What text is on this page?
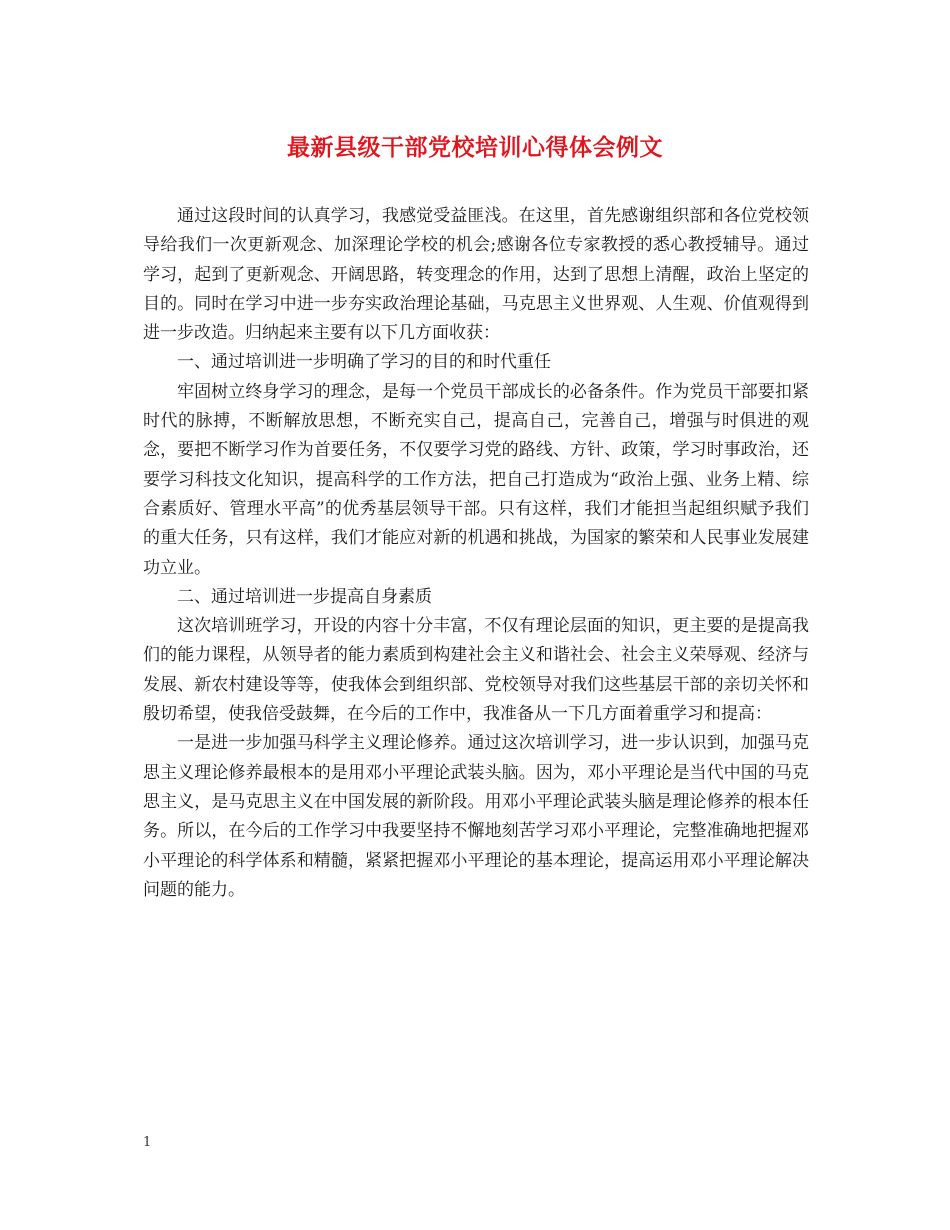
最新县级干部党校培训心得体会例文

通过这段时间的认真学习，我感觉受益匪浅。在这里，首先感谢组织部和各位党校领导给我们一次更新观念、加深理论学校的机会;感谢各位专家教授的悉心教授辅导。通过学习，起到了更新观念、开阔思路，转变理念的作用，达到了思想上清醒，政治上坚定的目的。同时在学习中进一步夯实政治理论基础，马克思主义世界观、人生观、价值观得到进一步改造。归纳起来主要有以下几方面收获：

一、通过培训进一步明确了学习的目的和时代重任

牢固树立终身学习的理念，是每一个党员干部成长的必备条件。作为党员干部要扣紧时代的脉搏，不断解放思想，不断充实自己，提高自己，完善自己，增强与时俱进的观念，要把不断学习作为首要任务，不仅要学习党的路线、方针、政策，学习时事政治，还要学习科技文化知识，提高科学的工作方法，把自己打造成为“政治上强、业务上精、综合素质好、管理水平高”的优秀基层领导干部。只有这样，我们才能担当起组织赋予我们的重大任务，只有这样，我们才能应对新的机遇和挑战，为国家的繁荣和人民事业发展建功立业。

二、通过培训进一步提高自身素质

这次培训班学习，开设的内容十分丰富，不仅有理论层面的知识，更主要的是提高我们的能力课程，从领导者的能力素质到构建社会主义和谐社会、社会主义荣辱观、经济与发展、新农村建设等等，使我体会到组织部、党校领导对我们这些基层干部的亲切关怀和殷切希望，使我倍受鼓舞，在今后的工作中，我准备从一下几方面着重学习和提高：

一是进一步加强马科学主义理论修养。通过这次培训学习，进一步认识到，加强马克思主义理论修养最根本的是用邓小平理论武装头脑。因为，邓小平理论是当代中国的马克思主义，是马克思主义在中国发展的新阶段。用邓小平理论武装头脑是理论修养的根本任务。所以，在今后的工作学习中我要坚持不懈地刻苦学习邓小平理论，完整准确地把握邓小平理论的科学体系和精髓，紧紧把握邓小平理论的基本理论，提高运用邓小平理论解决问题的能力。

1
